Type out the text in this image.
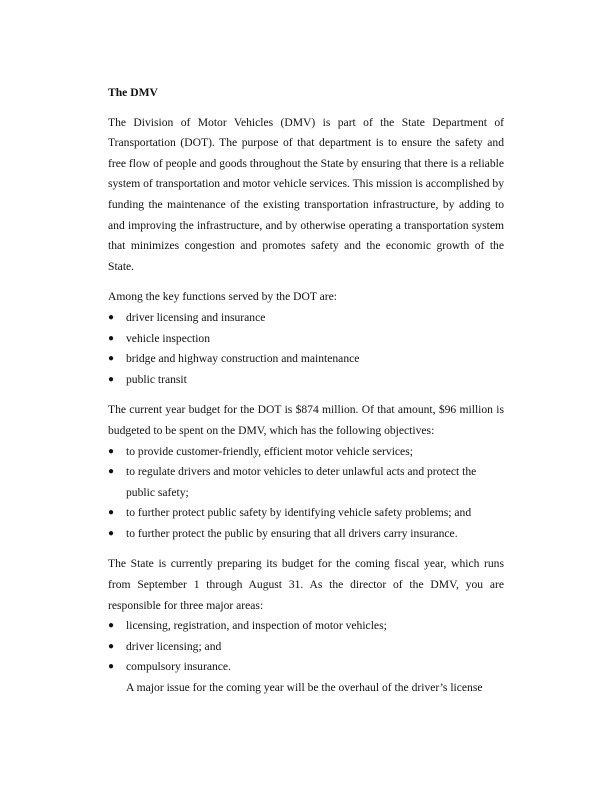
The DMV

The Division of Motor Vehicles (DMV) is part of the State Department of Transportation (DOT). The purpose of that department is to ensure the safety and free flow of people and goods throughout the State by ensuring that there is a reliable system of transportation and motor vehicle services. This mission is accomplished by funding the maintenance of the existing transportation infrastructure, by adding to and improving the infrastructure, and by otherwise operating a transportation system that minimizes congestion and promotes safety and the economic growth of the State.

Among the key functions served by the DOT are:

● driver licensing and insurance
● vehicle inspection
● bridge and highway construction and maintenance
● public transit

The current year budget for the DOT is $874 million. Of that amount, $96 million is budgeted to be spent on the DMV, which has the following objectives:

● to provide customer-friendly, efficient motor vehicle services;
● to regulate drivers and motor vehicles to deter unlawful acts and protect the public safety;
● to further protect public safety by identifying vehicle safety problems; and
● to further protect the public by ensuring that all drivers carry insurance.

The State is currently preparing its budget for the coming fiscal year, which runs from September 1 through August 31. As the director of the DMV, you are responsible for three major areas:

● licensing, registration, and inspection of motor vehicles;
● driver licensing; and
● compulsory insurance.

A major issue for the coming year will be the overhaul of the driver’s license
